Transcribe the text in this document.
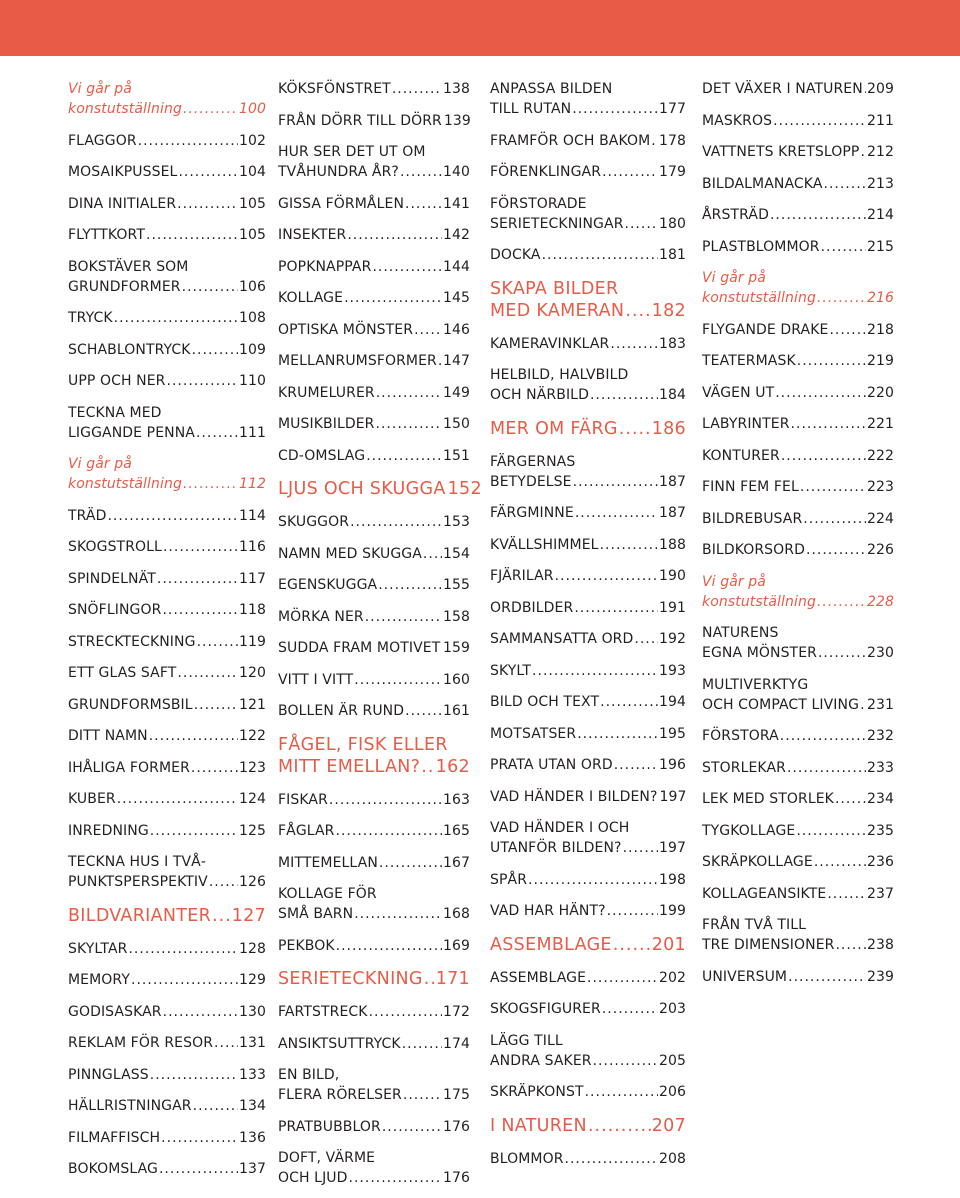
Vi går på
konstutställning .....	100
FLAGGOR .....	102
MOSAIKPUSSEL .....	104
DINA INITIALER .....	105
FLYTTKORT .....	105
BOKSTÄVER SOM
GRUNDFORMER .....	106
TRYCK .....	108
SCHABLONTRYCK .....	109
UPP OCH NER .....	110
TECKNA MED
LIGGANDE PENNA .....	111
Vi går på
konstutställning .....	112
TRÄD .....	114
SKOGSTROLL .....	116
SPINDELNÄT .....	117
SNÖFLINGOR .....	118
STRECKTECKNING .....	119
ETT GLAS SAFT .....	120
GRUNDFORMSBIL .....	121
DITT NAMN .....	122
IHÅLIGA FORMER .....	123
KUBER .....	124
INREDNING .....	125
TECKNA HUS I TVÅ-
PUNKTSPERSPEKTIV ..... 126
BILDVARIANTER ..... 127
SKYLTAR .....	128
MEMORY .....	129
GODISASKAR .....	130
REKLAM FÖR RESOR ..... 131
PINNGLASS .....	133
HÄLLRISTNINGAR .....	134
FILMAFFISCH .....	136
BOKOMSLAG .....	137
KÖKSFÖNSTRET .....	138
FRÅN DÖRR TILL DÖRR 139
HUR SER DET UT OM
TVÅHUNDRA ÅR? .....	140
GISSA FÖRMÅLEN .....	141
INSEKTER .....	142
POPKNAPPAR .....	144
KOLLAGE .....	145
OPTISKA MÖNSTER ..... 146
MELLANRUMSFORMER ..... 147
KRUMELURER .....	149
MUSIKBILDER .....	150
CD-OMSLAG .....	151
LJUS OCH SKUGGA 152
SKUGGOR .....	153
NAMN MED SKUGGA ..... 154
EGENSKUGGA .....	155
MÖRKA NER .....	158
SUDDA FRAM MOTIVET ..... 159
VITT I VITT .....	160
BOLLEN ÄR RUND .....	161
FÅGEL, FISK ELLER
MITT EMELLAN? ..... 162
FISKAR .....	163
FÅGLAR .....	165
MITTEMELLAN .....	167
KOLLAGE FÖR
SMÅ BARN .....	168
PEKBOK .....	169
SERIETECKNING ..... 171
FARTSTRECK .....	172
ANSIKTSUTTRYCK .....	174
EN BILD,
FLERA RÖRELSER .....	175
PRATBUBBLOR .....	176
DOFT, VÄRME
OCH LJUD .....	176
ANPASSA BILDEN
TILL RUTAN .....	177
FRAMFÖR OCH BAKOM ..... 178
FÖRENKLINGAR .....	179
FÖRSTORADE
SERIETECKNINGAR .....	180
DOCKA .....	181
SKAPA BILDER
MED KAMERAN ..... 182
KAMERAVINKLAR .....	183
HELBILD, HALVBILD
OCH NÄRBILD .....	184
MER OM FÄRG ..... 186
FÄRGERNAS
BETYDELSE .....	187
FÄRGMINNE .....	187
KVÄLLSHIMMEL .....	188
FJÄRILAR .....	190
ORDBILDER .....	191
SAMMANSATTA ORD ..... 192
SKYLT .....	193
BILD OCH TEXT .....	194
MOTSATSER .....	195
PRATA UTAN ORD .....	196
VAD HÄNDER I BILDEN? 197
VAD HÄNDER I OCH
UTANFÖR BILDEN? .....	197
SPÅR .....	198
VAD HAR HÄNT? .....	199
ASSEMBLAGE ..... 201
ASSEMBLAGE .....	202
SKOGSFIGURER .....	203
LÄGG TILL
ANDRA SAKER .....	205
SKRÄPKONST .....	206
I NATUREN .....	207
BLOMMOR .....	208
DET VÄXER I NATUREN ..... 209
MASKROS .....	211
VATTNETS KRETSLOPP ..... 212
BILDALMANACKA .....	213
ÅRSTRÄD .....	214
PLASTBLOMMOR .....	215
Vi går på
konstutställning .....	216
FLYGANDE DRAKE .....	218
TEATERMASK .....	219
VÄGEN UT .....	220
LABYRINTER .....	221
KONTURER .....	222
FINN FEM FEL .....	223
BILDREBUSAR .....	224
BILDKORSORD .....	226
Vi går på
konstutställning .....	228
NATURENS
EGNA MÖNSTER .....	230
MULTIVERKTYG
OCH COMPACT LIVING ..... 231
FÖRSTORA .....	232
STORLEKAR .....	233
LEK MED STORLEK ..... 234
TYGKOLLAGE .....	235
SKRÄPKOLLAGE .....	236
KOLLAGEANSIKTE .....	237
FRÅN TVÅ TILL
TRE DIMENSIONER ..... 238
UNIVERSUM .....	239
